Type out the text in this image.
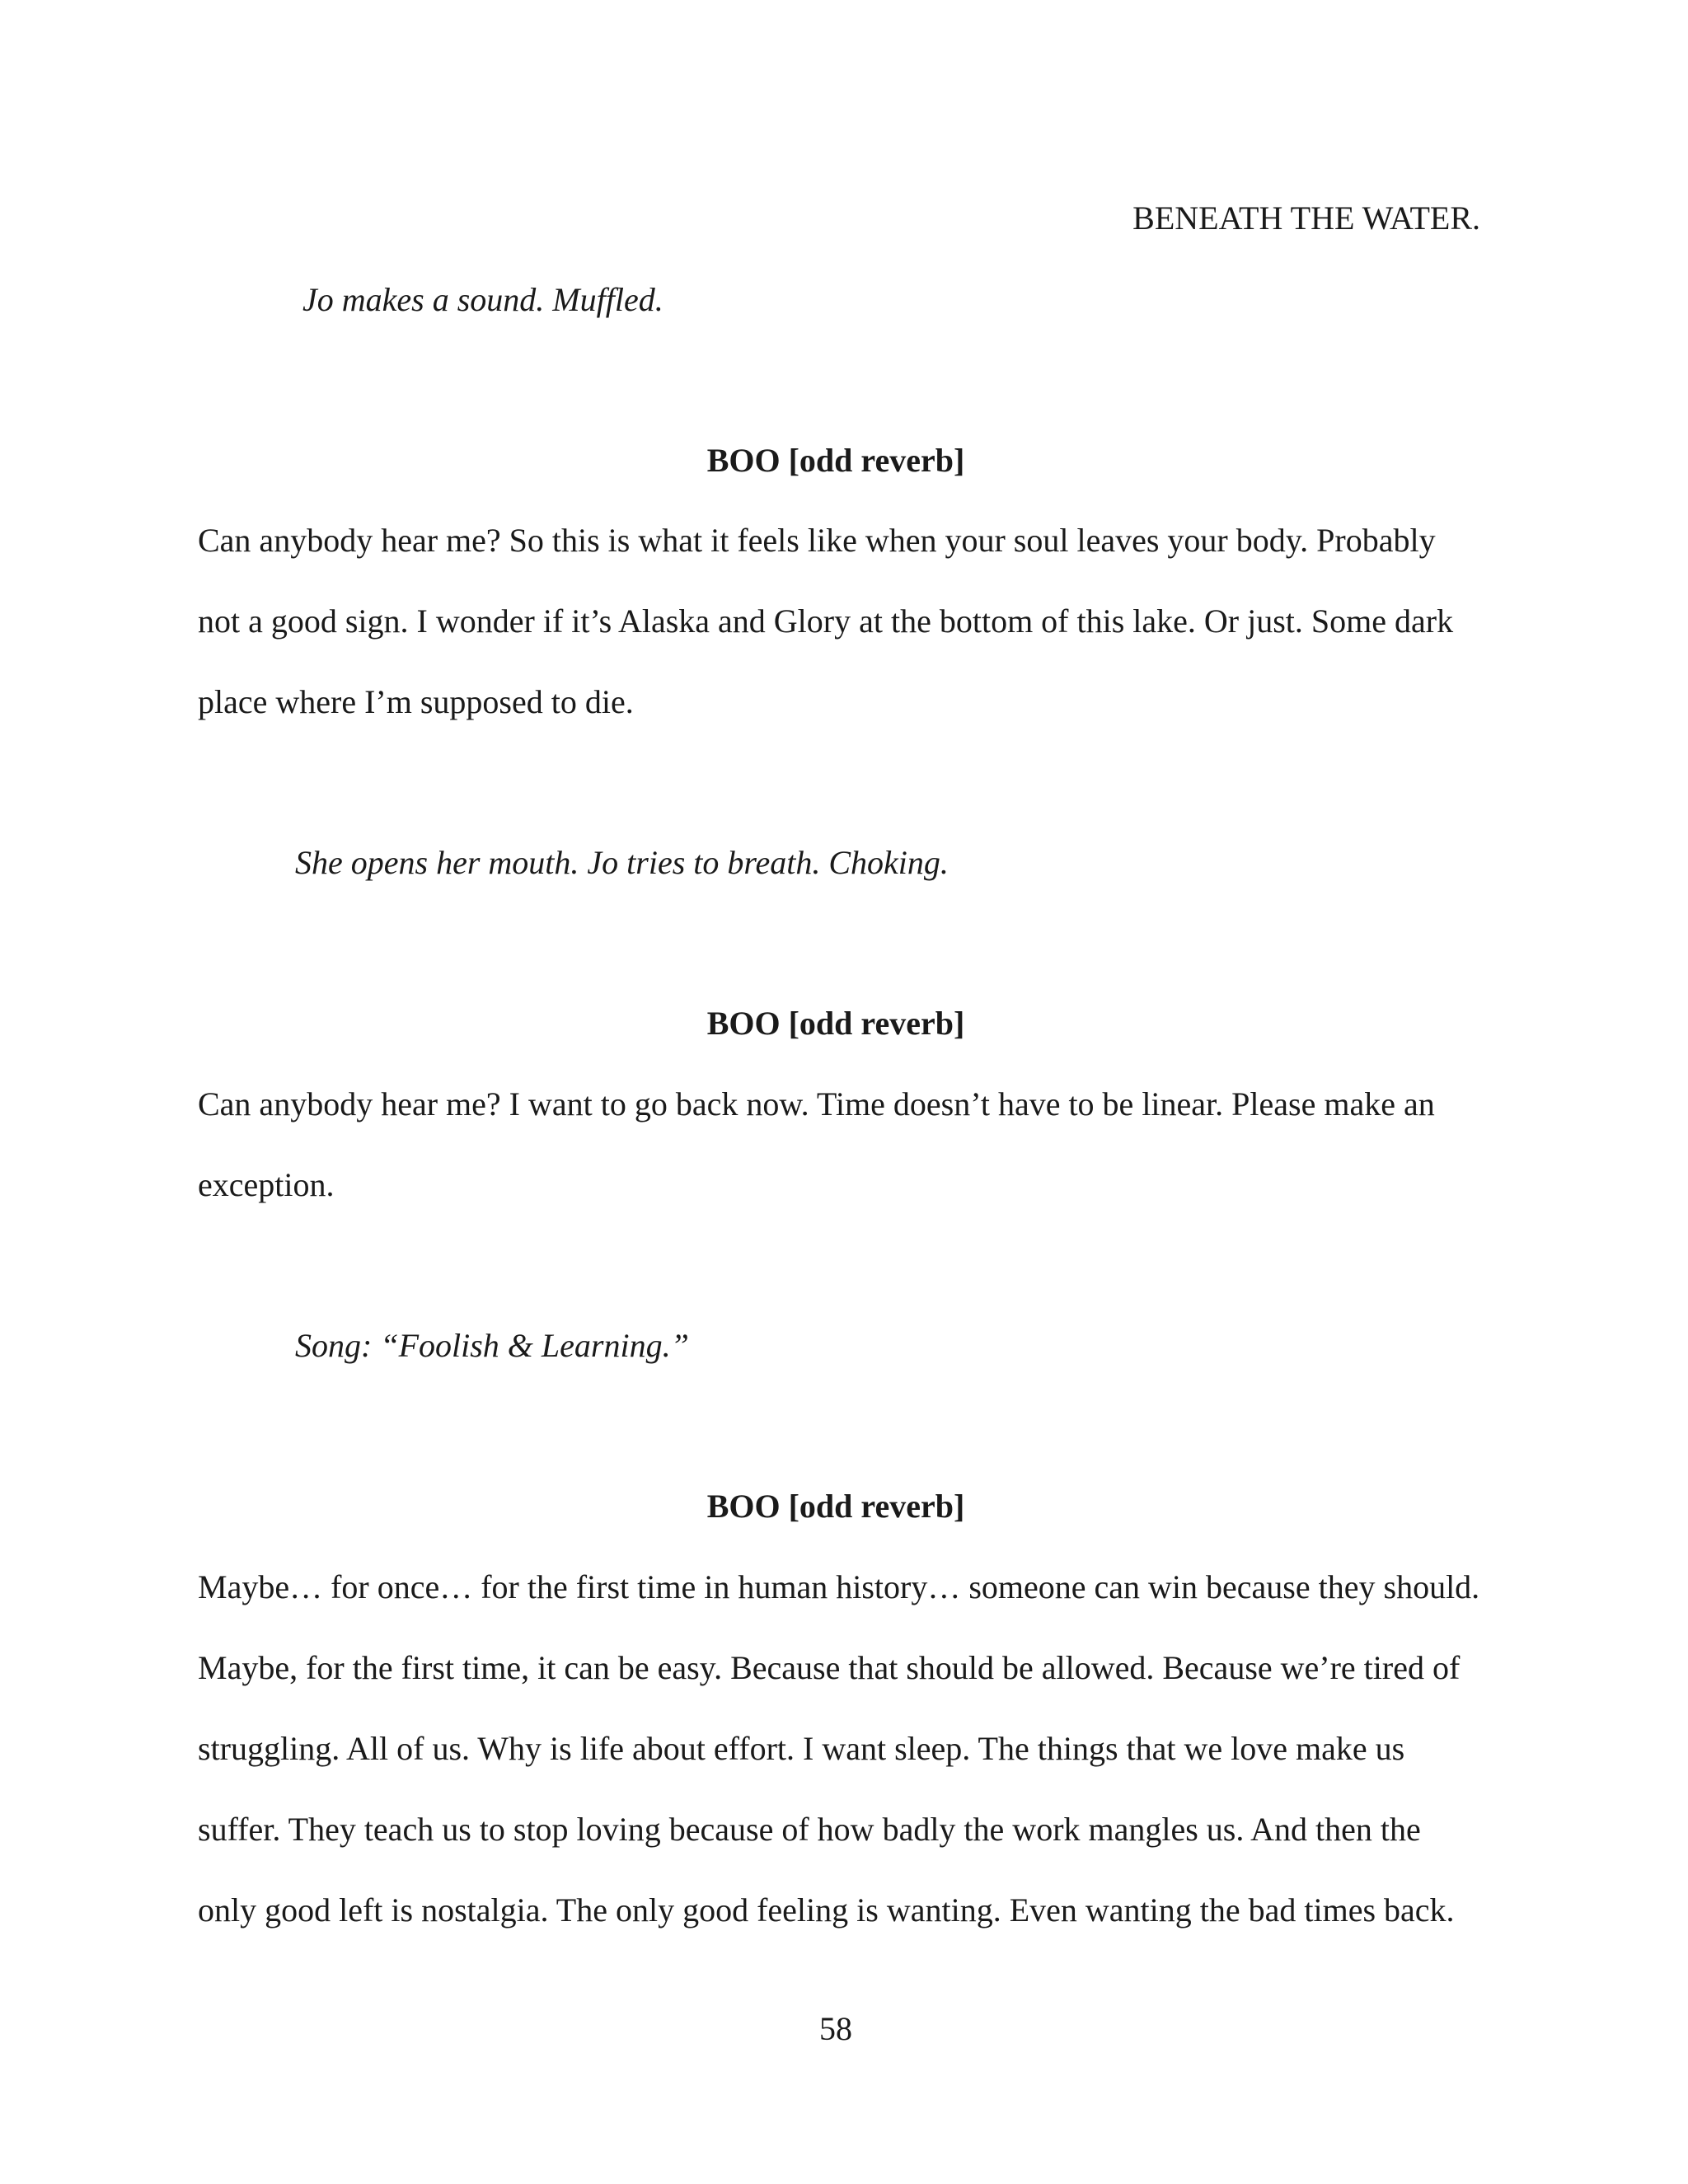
BENEATH THE WATER.

Jo makes a sound. Muffled.

BOO [odd reverb]

Can anybody hear me? So this is what it feels like when your soul leaves your body. Probably

not a good sign. I wonder if it’s Alaska and Glory at the bottom of this lake. Or just. Some dark

place where I’m supposed to die.

She opens her mouth. Jo tries to breath. Choking.

BOO [odd reverb]

Can anybody hear me? I want to go back now. Time doesn’t have to be linear. Please make an

exception.

Song: “Foolish & Learning.”

BOO [odd reverb]

Maybe… for once… for the first time in human history… someone can win because they should.

Maybe, for the first time, it can be easy. Because that should be allowed. Because we’re tired of

struggling. All of us. Why is life about effort. I want sleep. The things that we love make us

suffer. They teach us to stop loving because of how badly the work mangles us. And then the

only good left is nostalgia. The only good feeling is wanting. Even wanting the bad times back.

58
